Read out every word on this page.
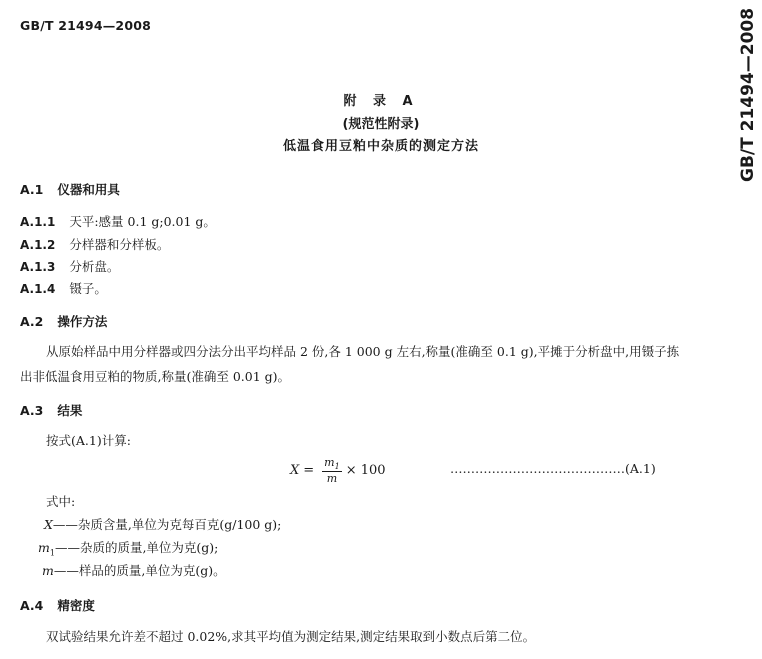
GB/T 21494—2008	GB/T 21494—2008
附 录 A
(规范性附录)
低温食用豆粕中杂质的测定方法
A.1 仪器和用具
A.1.1 天平:感量 0.1 g;0.01 g。
A.1.2 分样器和分样板。
A.1.3 分析盘。
A.1.4 镊子。
A.2 操作方法
从原始样品中用分样器或四分法分出平均样品 2 份,各 1 000 g 左右,称量(准确至 0.1 g),平摊于分析盘中,用镊子拣出非低温食用豆粕的物质,称量(准确至 0.01 g)。
A.3 结果
按式(A.1)计算:
$X = \frac{m_1}{m} \times 100$	……………………………………(A.1)
式中:
X——杂质含量,单位为克每百克(g/100 g);
$m_1——$杂质的质量,单位为克(g);
m——样品的质量,单位为克(g)。
A.4 精密度
双试验结果允许差不超过 0.02%,求其平均值为测定结果,测定结果取到小数点后第二位。
